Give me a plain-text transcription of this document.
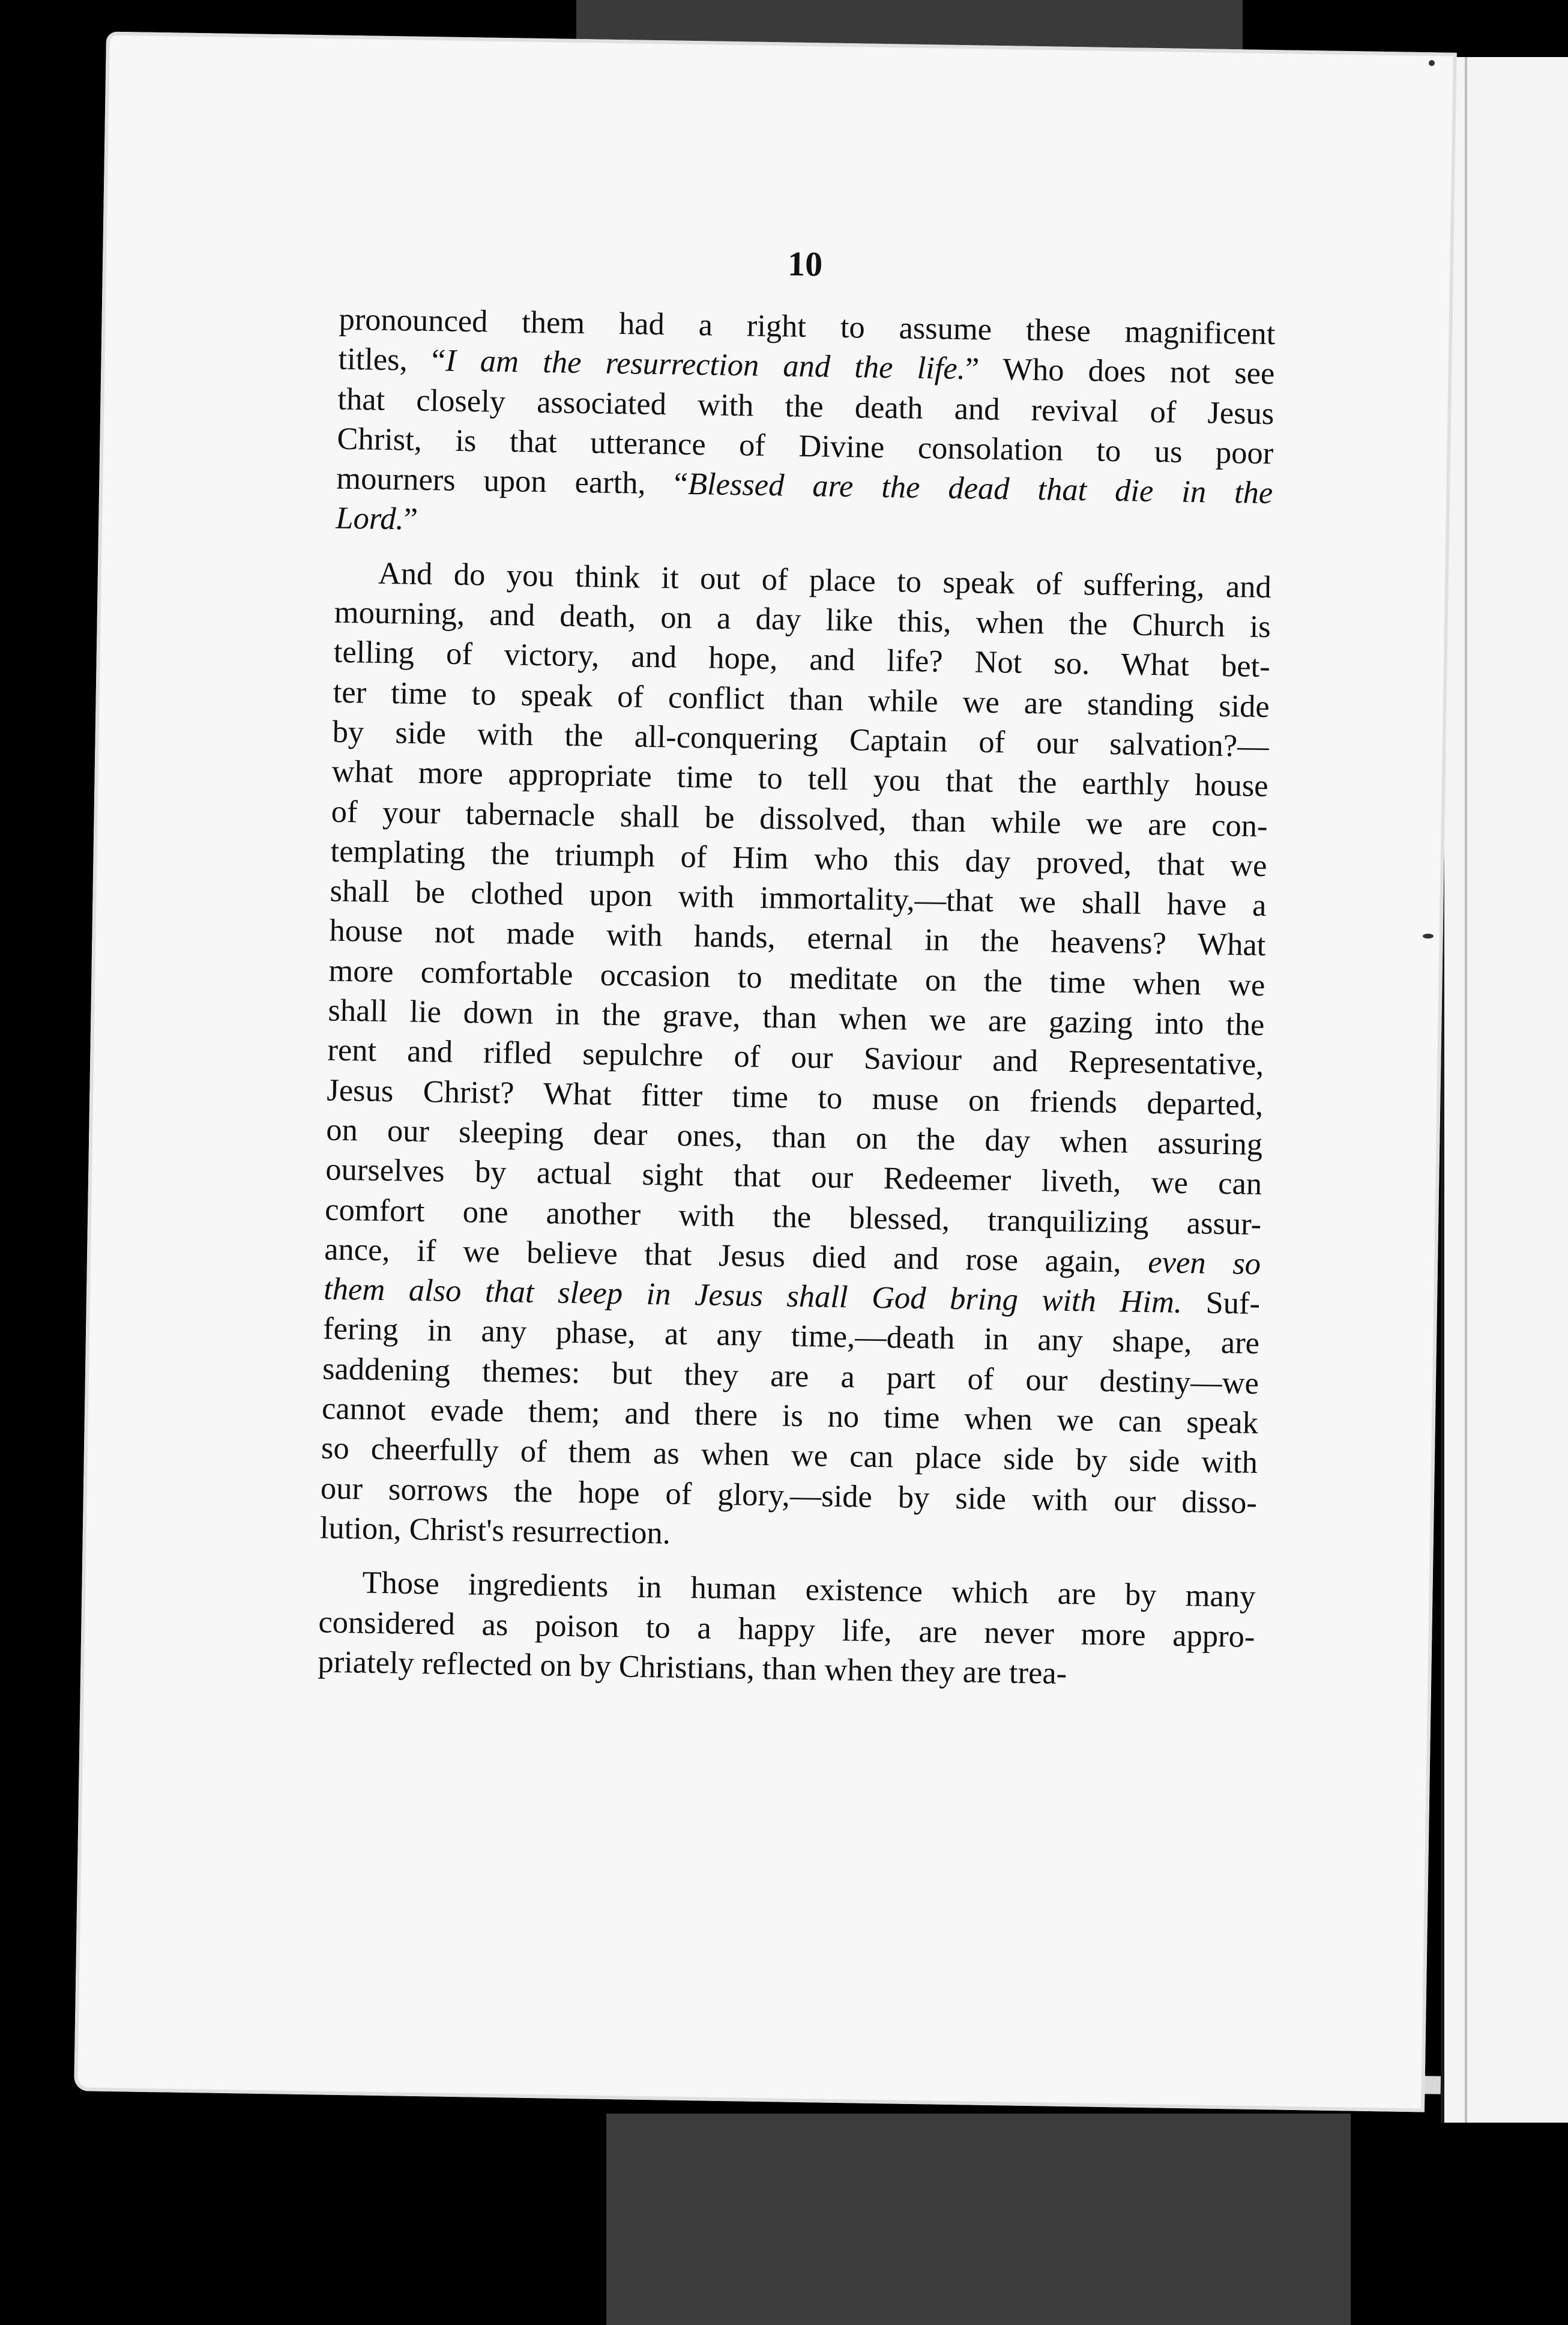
10
pronounced them had a right to assume these magnificent
titles, “I am the resurrection and the life.” Who does not see
that closely associated with the death and revival of Jesus
Christ, is that utterance of Divine consolation to us poor
mourners upon earth, “Blessed are the dead that die in the
Lord.”
And do you think it out of place to speak of suffering, and
mourning, and death, on a day like this, when the Church is
telling of victory, and hope, and life? Not so. What bet-
ter time to speak of conflict than while we are standing side
by side with the all-conquering Captain of our salvation?—
what more appropriate time to tell you that the earthly house
of your tabernacle shall be dissolved, than while we are con-
templating the triumph of Him who this day proved, that we
shall be clothed upon with immortality,—that we shall have a
house not made with hands, eternal in the heavens? What
more comfortable occasion to meditate on the time when we
shall lie down in the grave, than when we are gazing into the
rent and rifled sepulchre of our Saviour and Representative,
Jesus Christ? What fitter time to muse on friends departed,
on our sleeping dear ones, than on the day when assuring
ourselves by actual sight that our Redeemer liveth, we can
comfort one another with the blessed, tranquilizing assur-
ance, if we believe that Jesus died and rose again, even so
them also that sleep in Jesus shall God bring with Him. Suf-
fering in any phase, at any time,—death in any shape, are
saddening themes: but they are a part of our destiny—we
cannot evade them; and there is no time when we can speak
so cheerfully of them as when we can place side by side with
our sorrows the hope of glory,—side by side with our disso-
lution, Christ's resurrection.
Those ingredients in human existence which are by many
considered as poison to a happy life, are never more appro-
priately reflected on by Christians, than when they are trea-
